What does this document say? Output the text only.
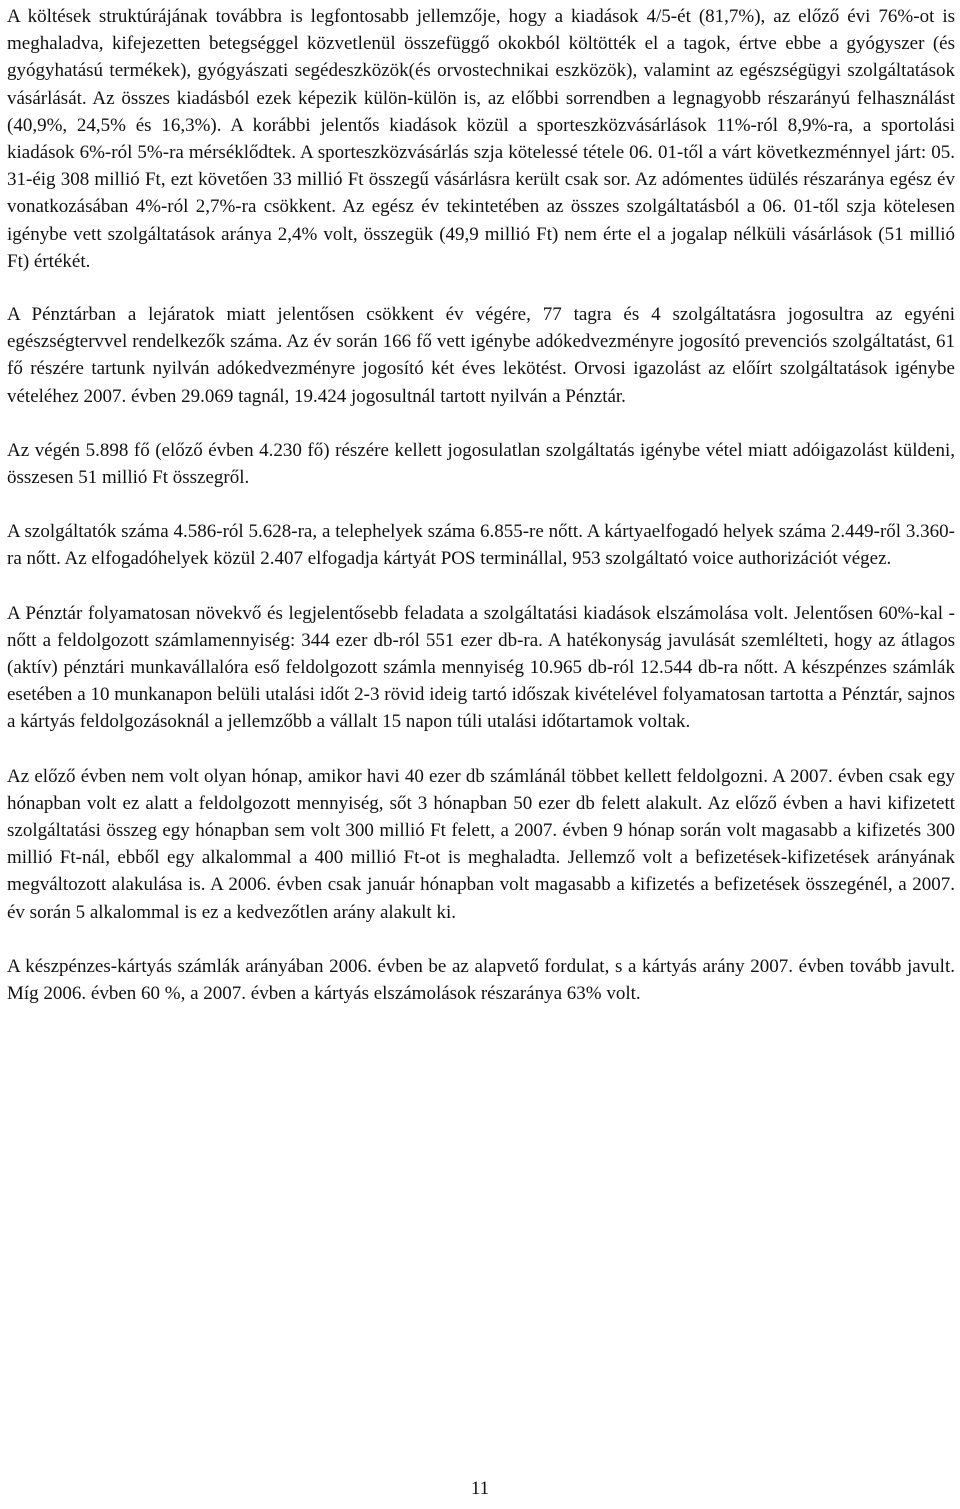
A költések struktúrájának továbbra is legfontosabb jellemzője, hogy a kiadások 4/5-ét (81,7%), az előző évi 76%-ot is meghaladva, kifejezetten betegséggel közvetlenül összefüggő okokból költötték el a tagok, értve ebbe a gyógyszer (és gyógyhatású termékek), gyógyászati segédeszközök(és orvostechnikai eszközök), valamint az egészségügyi szolgáltatások vásárlását. Az összes kiadásból ezek képezik külön-külön is, az előbbi sorrendben a legnagyobb részarányú felhasználást (40,9%, 24,5% és 16,3%). A korábbi jelentős kiadások közül a sporteszközvásárlások 11%-ról 8,9%-ra, a sportolási kiadások 6%-ról 5%-ra mérséklődtek. A sporteszközvásárlás szja kötelessé tétele 06. 01-től a várt következménnyel járt: 05. 31-éig 308 millió Ft, ezt követően 33 millió Ft összegű vásárlásra került csak sor. Az adómentes üdülés részaránya egész év vonatkozásában 4%-ról 2,7%-ra csökkent. Az egész év tekintetében az összes szolgáltatásból a 06. 01-től szja kötelesen igénybe vett szolgáltatások aránya 2,4% volt, összegük (49,9 millió Ft) nem érte el a jogalap nélküli vásárlások (51 millió Ft) értékét.

A Pénztárban a lejáratok miatt jelentősen csökkent év végére, 77 tagra és 4 szolgáltatásra jogosultra az egyéni egészségtervvel rendelkezők száma. Az év során 166 fő vett igénybe adókedvezményre jogosító prevenciós szolgáltatást, 61 fő részére tartunk nyilván adókedvezményre jogosító két éves lekötést. Orvosi igazolást az előírt szolgáltatások igénybe vételéhez 2007. évben 29.069 tagnál, 19.424 jogosultnál tartott nyilván a Pénztár.

Az végén 5.898 fő (előző évben 4.230 fő) részére kellett jogosulatlan szolgáltatás igénybe vétel miatt adóigazolást küldeni, összesen 51 millió Ft összegről.

A szolgáltatók száma 4.586-ról 5.628-ra, a telephelyek száma 6.855-re nőtt. A kártyaelfogadó helyek száma 2.449-ről 3.360-ra nőtt. Az elfogadóhelyek közül 2.407 elfogadja kártyát POS terminállal, 953 szolgáltató voice authorizációt végez.

A Pénztár folyamatosan növekvő és legjelentősebb feladata a szolgáltatási kiadások elszámolása volt. Jelentősen 60%-kal - nőtt a feldolgozott számlamennyiség: 344 ezer db-ról 551 ezer db-ra. A hatékonyság javulását szemlélteti, hogy az átlagos (aktív) pénztári munkavállalóra eső feldolgozott számla mennyiség 10.965 db-ról 12.544 db-ra nőtt. A készpénzes számlák esetében a 10 munkanapon belüli utalási időt 2-3 rövid ideig tartó időszak kivételével folyamatosan tartotta a Pénztár, sajnos a kártyás feldolgozásoknál a jellemzőbb a vállalt 15 napon túli utalási időtartamok voltak.

Az előző évben nem volt olyan hónap, amikor havi 40 ezer db számlánál többet kellett feldolgozni. A 2007. évben csak egy hónapban volt ez alatt a feldolgozott mennyiség, sőt 3 hónapban 50 ezer db felett alakult. Az előző évben a havi kifizetett szolgáltatási összeg egy hónapban sem volt 300 millió Ft felett, a 2007. évben 9 hónap során volt magasabb a kifizetés 300 millió Ft-nál, ebből egy alkalommal a 400 millió Ft-ot is meghaladta. Jellemző volt a befizetések-kifizetések arányának megváltozott alakulása is. A 2006. évben csak január hónapban volt magasabb a kifizetés a befizetések összegénél, a 2007. év során 5 alkalommal is ez a kedvezőtlen arány alakult ki.

A készpénzes-kártyás számlák arányában 2006. évben be az alapvető fordulat, s a kártyás arány 2007. évben tovább javult. Míg 2006. évben 60 %, a 2007. évben a kártyás elszámolások részaránya 63% volt.

11
